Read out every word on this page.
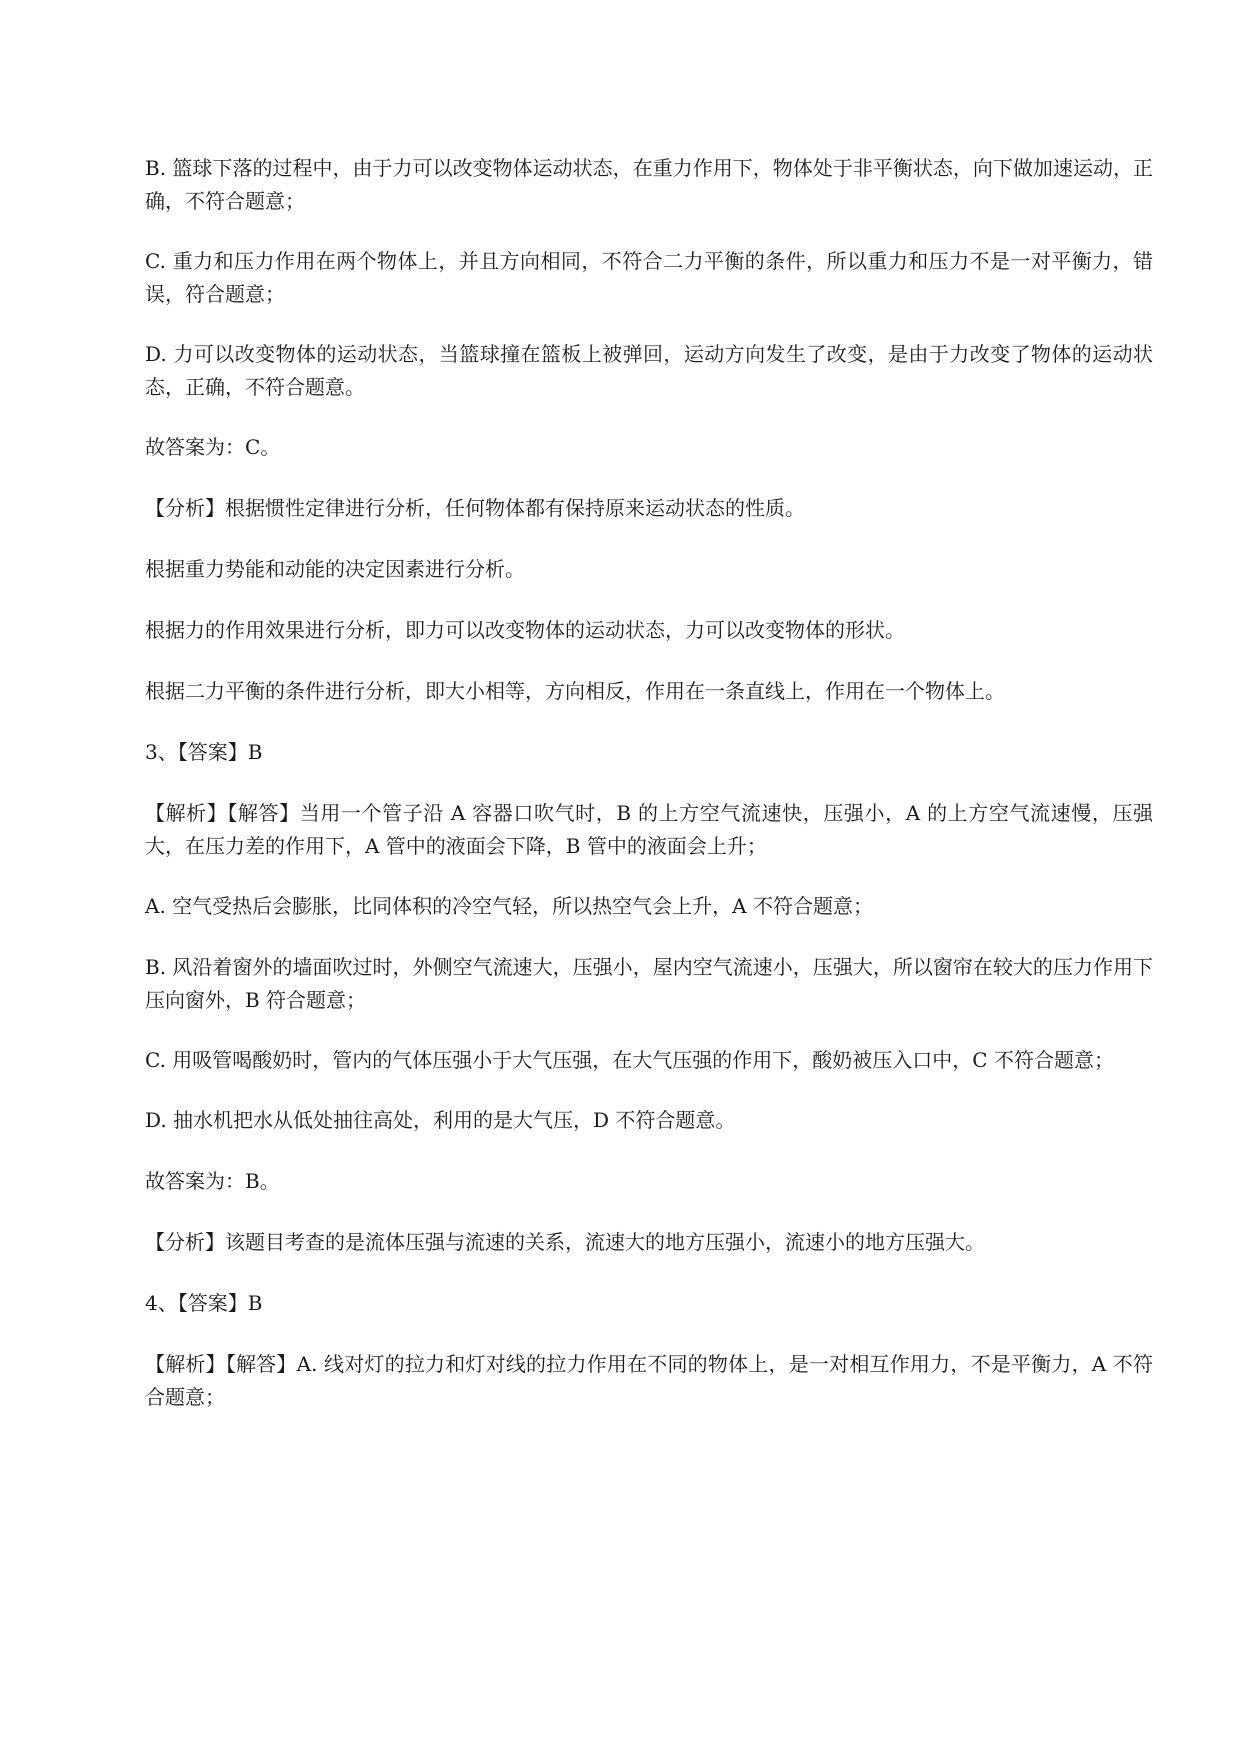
B. 篮球下落的过程中，由于力可以改变物体运动状态，在重力作用下，物体处于非平衡状态，向下做加速运动，正确，不符合题意；

C. 重力和压力作用在两个物体上，并且方向相同，不符合二力平衡的条件，所以重力和压力不是一对平衡力，错误，符合题意；

D. 力可以改变物体的运动状态，当篮球撞在篮板上被弹回，运动方向发生了改变，是由于力改变了物体的运动状态，正确，不符合题意。

故答案为：C。

【分析】根据惯性定律进行分析，任何物体都有保持原来运动状态的性质。

根据重力势能和动能的决定因素进行分析。

根据力的作用效果进行分析，即力可以改变物体的运动状态，力可以改变物体的形状。

根据二力平衡的条件进行分析，即大小相等，方向相反，作用在一条直线上，作用在一个物体上。

3、【答案】B

【解析】【解答】当用一个管子沿 A 容器口吹气时，B 的上方空气流速快，压强小，A 的上方空气流速慢，压强大，在压力差的作用下，A 管中的液面会下降，B 管中的液面会上升；

A. 空气受热后会膨胀，比同体积的冷空气轻，所以热空气会上升，A 不符合题意；

B. 风沿着窗外的墙面吹过时，外侧空气流速大，压强小，屋内空气流速小，压强大，所以窗帘在较大的压力作用下压向窗外，B 符合题意；

C. 用吸管喝酸奶时，管内的气体压强小于大气压强，在大气压强的作用下，酸奶被压入口中，C 不符合题意；

D. 抽水机把水从低处抽往高处，利用的是大气压，D 不符合题意。

故答案为：B。

【分析】该题目考查的是流体压强与流速的关系，流速大的地方压强小，流速小的地方压强大。

4、【答案】B

【解析】【解答】A. 线对灯的拉力和灯对线的拉力作用在不同的物体上，是一对相互作用力，不是平衡力，A 不符合题意；
